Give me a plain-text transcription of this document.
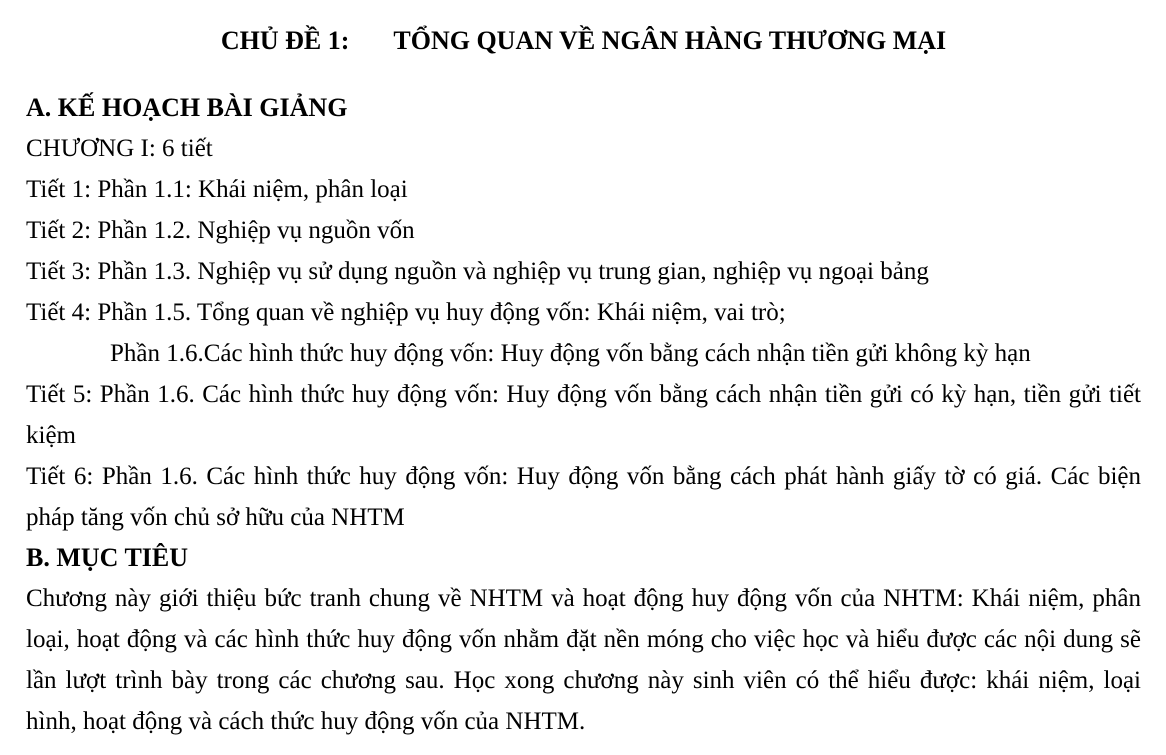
CHỦ ĐỀ 1: TỔNG QUAN VỀ NGÂN HÀNG THƯƠNG MẠI

A. KẾ HOẠCH BÀI GIẢNG

CHƯƠNG I: 6 tiết

Tiết 1: Phần 1.1: Khái niệm, phân loại

Tiết 2: Phần 1.2. Nghiệp vụ nguồn vốn

Tiết 3: Phần 1.3. Nghiệp vụ sử dụng nguồn và nghiệp vụ trung gian, nghiệp vụ ngoại bảng

Tiết 4: Phần 1.5. Tổng quan về nghiệp vụ huy động vốn: Khái niệm, vai trò;

Phần 1.6.Các hình thức huy động vốn: Huy động vốn bằng cách nhận tiền gửi không kỳ hạn

Tiết 5: Phần 1.6. Các hình thức huy động vốn: Huy động vốn bằng cách nhận tiền gửi có kỳ hạn, tiền gửi tiết kiệm

Tiết 6: Phần 1.6. Các hình thức huy động vốn: Huy động vốn bằng cách phát hành giấy tờ có giá. Các biện pháp tăng vốn chủ sở hữu của NHTM

B. MỤC TIÊU

Chương này giới thiệu bức tranh chung về NHTM và hoạt động huy động vốn của NHTM: Khái niệm, phân loại, hoạt động và các hình thức huy động vốn nhằm đặt nền móng cho việc học và hiểu được các nội dung sẽ lần lượt trình bày trong các chương sau. Học xong chương này sinh viên có thể hiểu được: khái niệm, loại hình, hoạt động và cách thức huy động vốn của NHTM.
